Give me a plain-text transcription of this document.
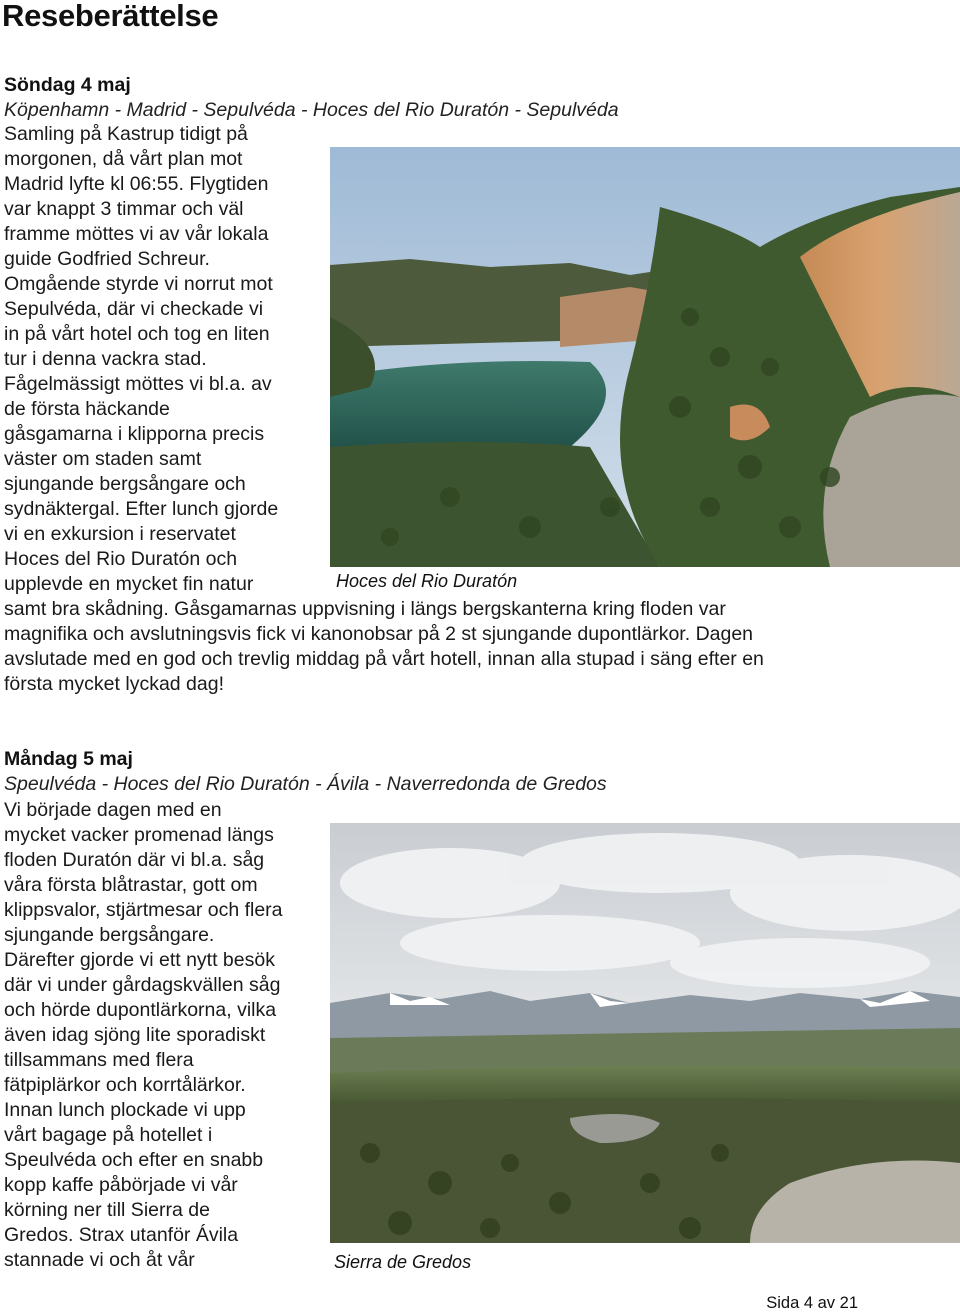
Reseberättelse
Söndag 4 maj

Köpenhamn - Madrid - Sepulvéda - Hoces del Rio Duratón - Sepulvéda

Samling på Kastrup tidigt på
morgonen, då vårt plan mot
Madrid lyfte kl 06:55. Flygtiden
var knappt 3 timmar och väl
framme möttes vi av vår lokala
guide Godfried Schreur.
Omgående styrde vi norrut mot
Sepulvéda, där vi checkade vi
in på vårt hotel och tog en liten
tur i denna vackra stad.
Fågelmässigt möttes vi bl.a. av
de första häckande
gåsgamarna i klipporna precis
väster om staden samt
sjungande bergsångare och
sydnäktergal. Efter lunch gjorde
vi en exkursion i reservatet
Hoces del Rio Duratón och
upplevde en mycket fin natur	Hoces del Rio Duratón

samt bra skådning. Gåsgamarnas uppvisning i längs bergskanterna kring floden var
magnifika och avslutningsvis fick vi kanonobsar på 2 st sjungande dupontlärkor. Dagen
avslutade med en god och trevlig middag på vårt hotell, innan alla stupad i säng efter en
första mycket lyckad dag!
Måndag 5 maj

Speulvéda - Hoces del Rio Duratón - Ávila - Naverredonda de Gredos

Vi började dagen med en
mycket vacker promenad längs
floden Duratón där vi bl.a. såg
våra första blåtrastar, gott om
klippsvalor, stjärtmesar och flera
sjungande bergsångare.
Därefter gjorde vi ett nytt besök
där vi under gårdagskvällen såg
och hörde dupontlärkorna, vilka
även idag sjöng lite sporadiskt
tillsammans med flera
fätpiplärkor och korrtålärkor.
Innan lunch plockade vi upp
vårt bagage på hotellet i
Speulvéda och efter en snabb
kopp kaffe påbörjade vi vår
körning ner till Sierra de
Gredos. Strax utanför Ávila
stannade vi och åt vår	Sierra de Gredos

Sida 4 av 21
